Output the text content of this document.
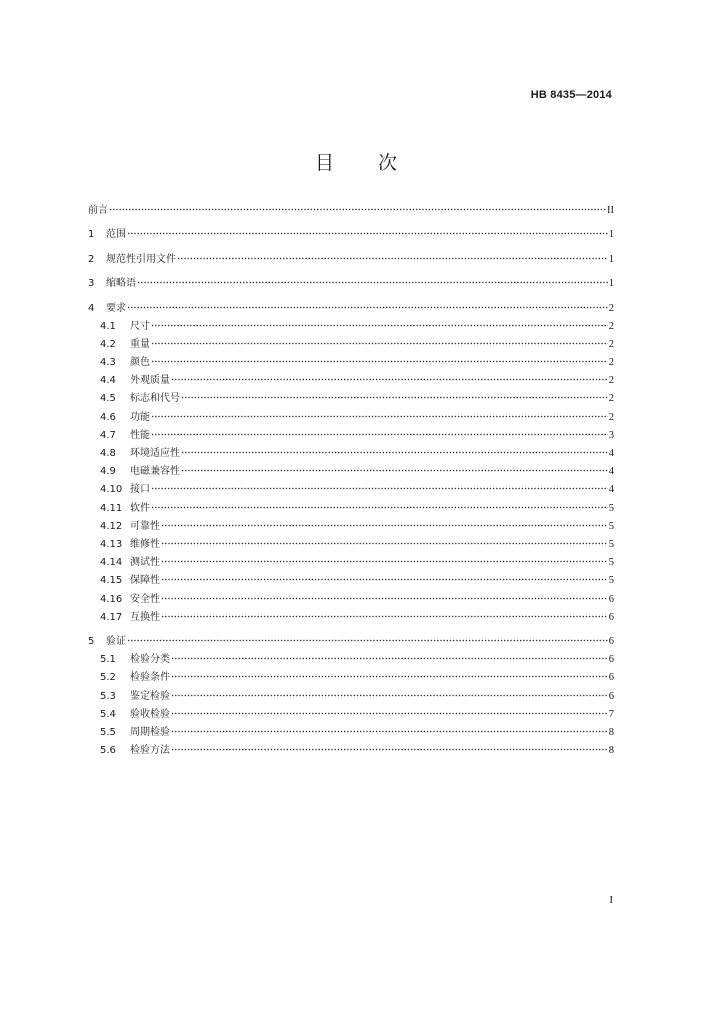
HB 8435—2014
目 次
前言	II
1	范围	1
2	规范性引用文件	1
3	缩略语	1
4	要求	2
4.1	尺寸	2
4.2	重量	2
4.3	颜色	2
4.4	外观质量	2
4.5	标志和代号	2
4.6	功能	2
4.7	性能	3
4.8	环境适应性	4
4.9	电磁兼容性	4
4.10 接口	4
4.11 软件	5
4.12 可靠性	5
4.13 维修性	5
4.14 测试性	5
4.15 保障性	5
4.16 安全性	6
4.17 互换性	6
5	验证	6
5.1	检验分类	6
5.2	检验条件	6
5.3	鉴定检验	6
5.4	验收检验	7
5.5	周期检验	8
5.6	检验方法	8
I
